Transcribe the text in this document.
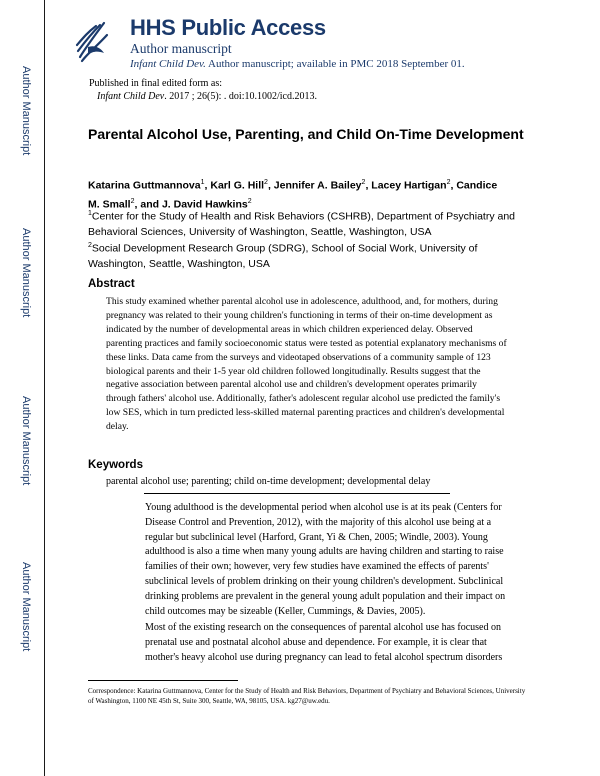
Author Manuscript
Author Manuscript
Author Manuscript
Author Manuscript
HHS Public Access
Author manuscript
Infant Child Dev. Author manuscript; available in PMC 2018 September 01.
Published in final edited form as:
Infant Child Dev. 2017 ; 26(5): . doi:10.1002/icd.2013.
Parental Alcohol Use, Parenting, and Child On-Time Development
Katarina Guttmannova$^1$, Karl G. Hill$^2$, Jennifer A. Bailey$^2$, Lacey Hartigan$^2$, Candice M. Small$^2$, and J. David Hawkins$^2$
$^1$Center for the Study of Health and Risk Behaviors (CSHRB), Department of Psychiatry and Behavioral Sciences, University of Washington, Seattle, Washington, USA
$^2$Social Development Research Group (SDRG), School of Social Work, University of Washington, Seattle, Washington, USA
Abstract
This study examined whether parental alcohol use in adolescence, adulthood, and, for mothers, during pregnancy was related to their young children's functioning in terms of their on-time development as indicated by the number of developmental areas in which children experienced delay. Observed parenting practices and family socioeconomic status were tested as potential explanatory mechanisms of these links. Data came from the surveys and videotaped observations of a community sample of 123 biological parents and their 1-5 year old children followed longitudinally. Results suggest that the negative association between parental alcohol use and children's development operates primarily through fathers' alcohol use. Additionally, father's adolescent regular alcohol use predicted the family's low SES, which in turn predicted less-skilled maternal parenting practices and children's developmental delay.
Keywords
parental alcohol use; parenting; child on-time development; developmental delay
Young adulthood is the developmental period when alcohol use is at its peak (Centers for Disease Control and Prevention, 2012), with the majority of this alcohol use being at a regular but subclinical level (Harford, Grant, Yi & Chen, 2005; Windle, 2003). Young adulthood is also a time when many young adults are having children and starting to raise families of their own; however, very few studies have examined the effects of parents' subclinical levels of problem drinking on their young children's development. Subclinical drinking problems are prevalent in the general young adult population and their impact on child outcomes may be sizeable (Keller, Cummings, & Davies, 2005).
Most of the existing research on the consequences of parental alcohol use has focused on prenatal use and postnatal alcohol abuse and dependence. For example, it is clear that mother's heavy alcohol use during pregnancy can lead to fetal alcohol spectrum disorders
Correspondence: Katarina Guttmannova, Center for the Study of Health and Risk Behaviors, Department of Psychiatry and Behavioral Sciences, University of Washington, 1100 NE 45th St, Suite 300, Seattle, WA, 98105, USA. kg27@uw.edu.
